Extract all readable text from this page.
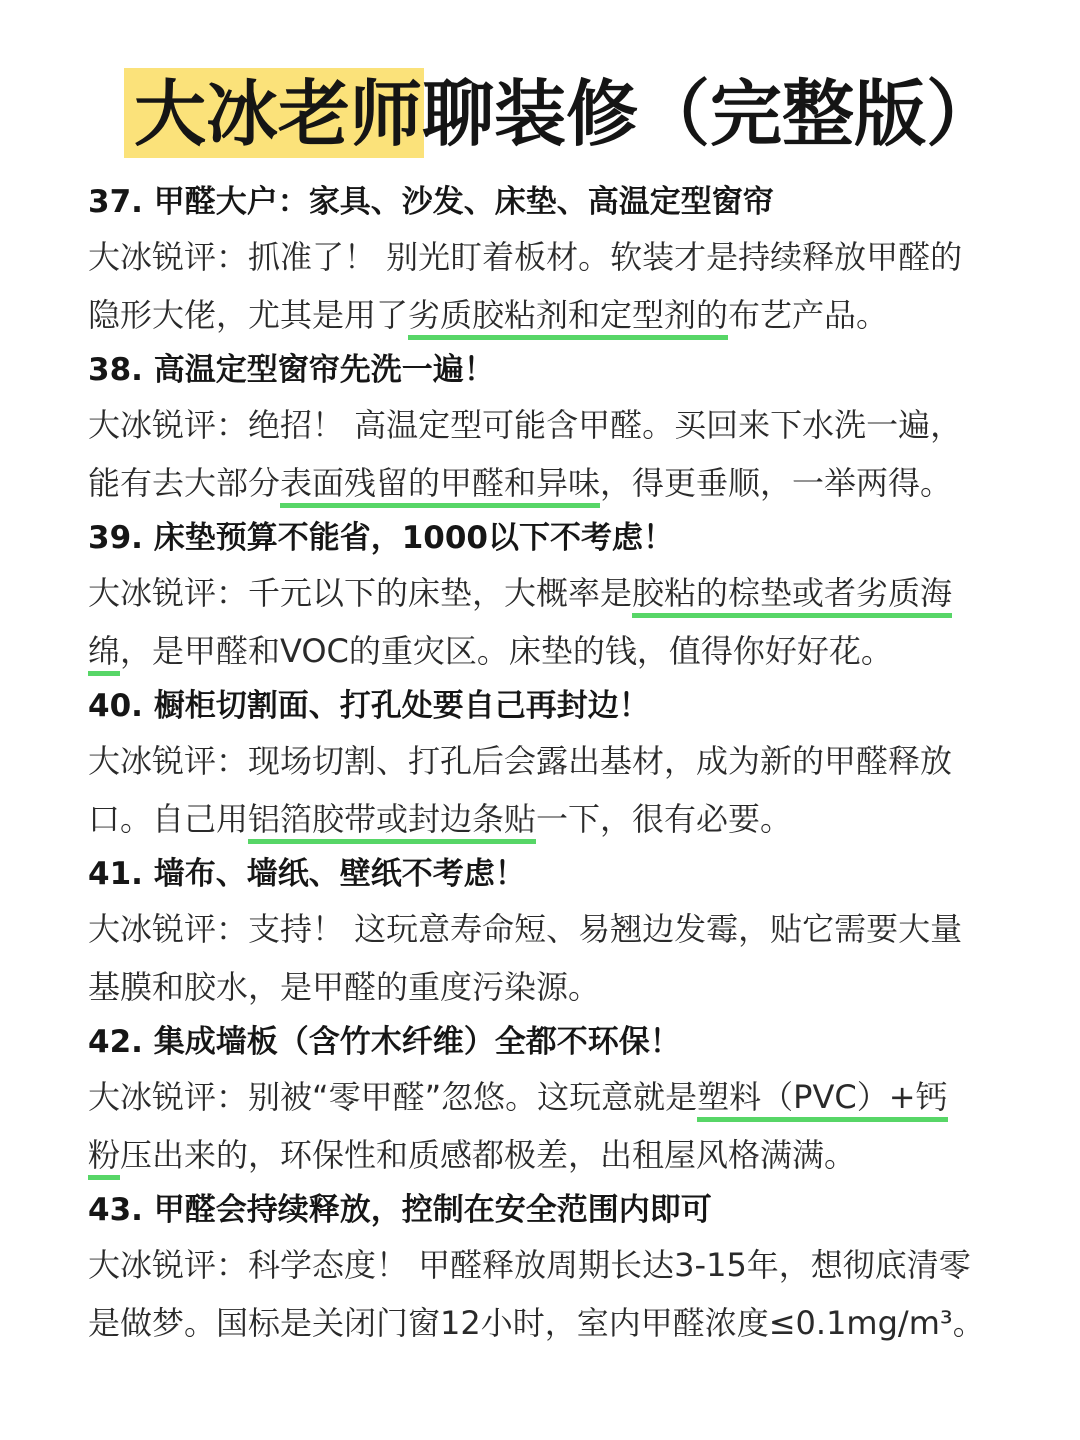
大冰老师聊装修（完整版）

37. 甲醛大户：家具、沙发、床垫、高温定型窗帘

大冰锐评：抓准了！ 别光盯着板材。软装才是持续释放甲醛的
隐形大佬，尤其是用了劣质胶粘剂和定型剂的布艺产品。

38. 高温定型窗帘先洗一遍！

大冰锐评：绝招！ 高温定型可能含甲醛。买回来下水洗一遍，
能有去大部分表面残留的甲醛和异味，得更垂顺，一举两得。

39. 床垫预算不能省，1000以下不考虑！

大冰锐评：千元以下的床垫，大概率是胶粘的棕垫或者劣质海
绵，是甲醛和VOC的重灾区。床垫的钱，值得你好好花。

40. 橱柜切割面、打孔处要自己再封边！

大冰锐评：现场切割、打孔后会露出基材，成为新的甲醛释放
口。自己用铝箔胶带或封边条贴一下，很有必要。

41. 墙布、墙纸、壁纸不考虑！

大冰锐评：支持！ 这玩意寿命短、易翘边发霉，贴它需要大量
基膜和胶水，是甲醛的重度污染源。

42. 集成墙板（含竹木纤维）全都不环保！

大冰锐评：别被“零甲醛”忽悠。这玩意就是塑料（PVC）+钙
粉压出来的，环保性和质感都极差，出租屋风格满满。

43. 甲醛会持续释放，控制在安全范围内即可

大冰锐评：科学态度！ 甲醛释放周期长达3-15年，想彻底清零
是做梦。国标是关闭门窗12小时，室内甲醛浓度≤0.1mg/m³。
